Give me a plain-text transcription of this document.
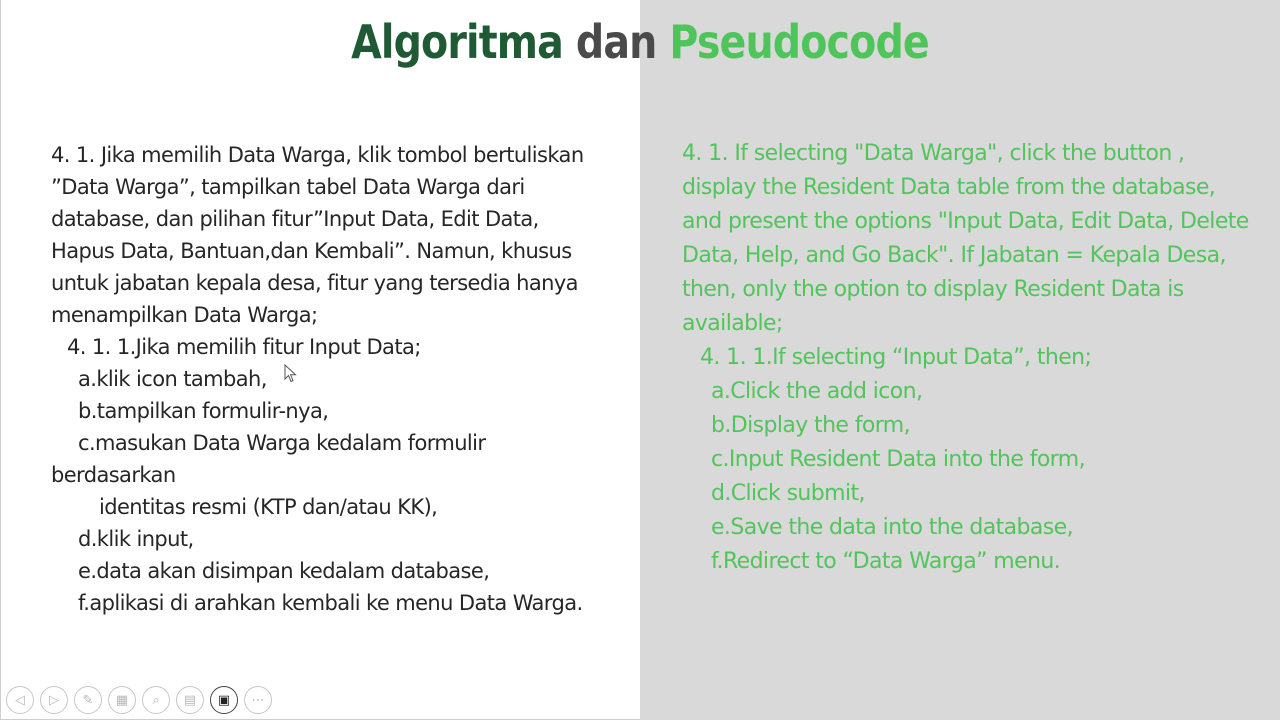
Algoritma dan Pseudocode
4. 1. Jika memilih Data Warga, klik tombol bertuliskan
”Data Warga”, tampilkan tabel Data Warga dari
database, dan pilihan fitur”Input Data, Edit Data,
Hapus Data, Bantuan,dan Kembali”. Namun, khusus
untuk jabatan kepala desa, fitur yang tersedia hanya
menampilkan Data Warga;
4. 1. 1.Jika memilih fitur Input Data;
a.klik icon tambah,
b.tampilkan formulir-nya,
c.masukan Data Warga kedalam formulir
berdasarkan
identitas resmi (KTP dan/atau KK),
d.klik input,
e.data akan disimpan kedalam database,
f.aplikasi di arahkan kembali ke menu Data Warga.
4. 1. If selecting "Data Warga", click the button ,
display the Resident Data table from the database,
and present the options "Input Data, Edit Data, Delete
Data, Help, and Go Back". If Jabatan = Kepala Desa,
then, only the option to display Resident Data is
available;
4. 1. 1.If selecting “Input Data”, then;
a.Click the add icon,
b.Display the form,
c.Input Resident Data into the form,
d.Click submit,
e.Save the data into the database,
f.Redirect to “Data Warga” menu.
◁ ▷ ✎ ▦ ⌕ ▤ ▣ ⋯
